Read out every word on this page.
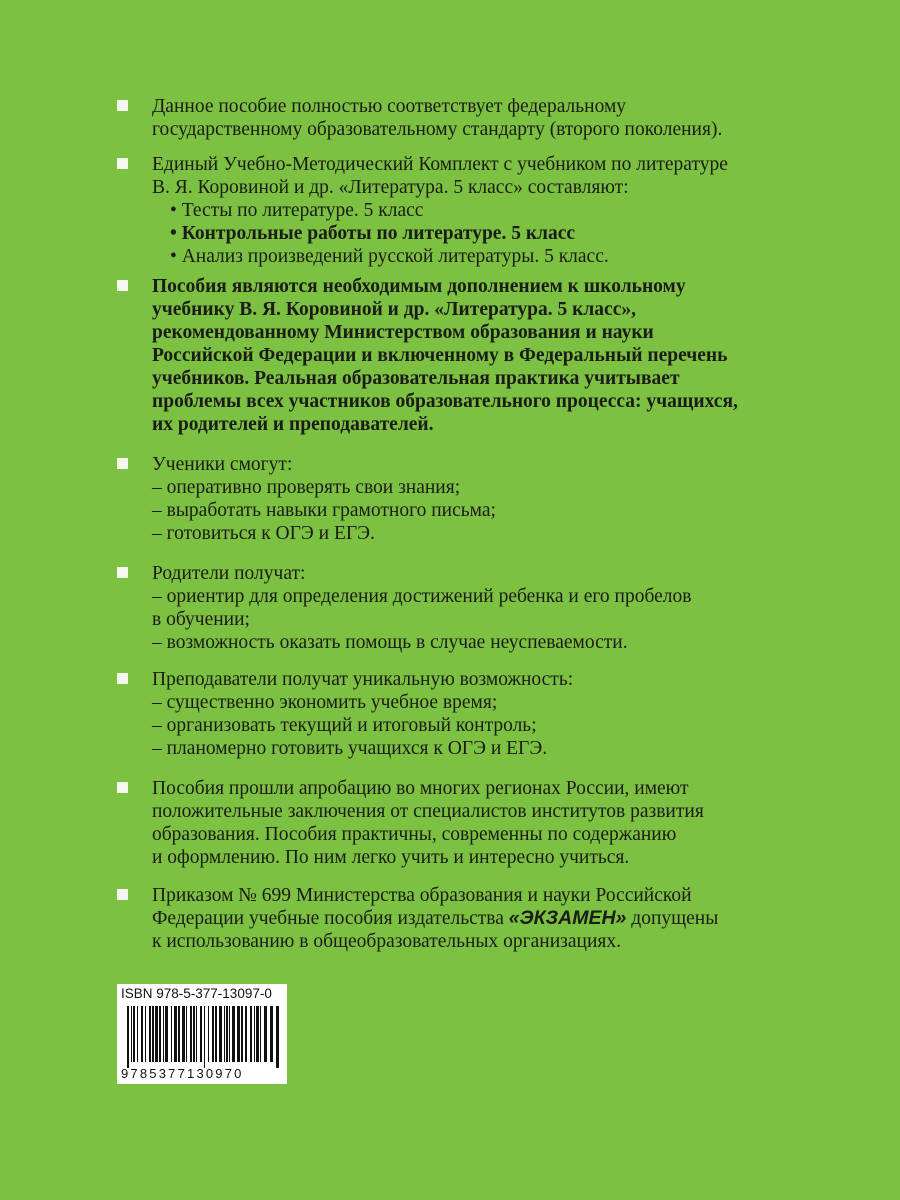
Данное пособие полностью соответствует федеральному
государственному образовательному стандарту (второго поколения).
Единый Учебно-Методический Комплект с учебником по литературе
В. Я. Коровиной и др. «Литература. 5 класс» составляют:
• Тесты по литературе. 5 класс
• Контрольные работы по литературе. 5 класс
• Анализ произведений русской литературы. 5 класс.
Пособия являются необходимым дополнением к школьному
учебнику В. Я. Коровиной и др. «Литература. 5 класс»,
рекомендованному Министерством образования и науки
Российской Федерации и включенному в Федеральный перечень
учебников. Реальная образовательная практика учитывает
проблемы всех участников образовательного процесса: учащихся,
их родителей и преподавателей.
Ученики смогут:
– оперативно проверять свои знания;
– выработать навыки грамотного письма;
– готовиться к ОГЭ и ЕГЭ.
Родители получат:
– ориентир для определения достижений ребенка и его пробелов
в обучении;
– возможность оказать помощь в случае неуспеваемости.
Преподаватели получат уникальную возможность:
– существенно экономить учебное время;
– организовать текущий и итоговый контроль;
– планомерно готовить учащихся к ОГЭ и ЕГЭ.
Пособия прошли апробацию во многих регионах России, имеют
положительные заключения от специалистов институтов развития
образования. Пособия практичны, современны по содержанию
и оформлению. По ним легко учить и интересно учиться.
Приказом № 699 Министерства образования и науки Российской
Федерации учебные пособия издательства «ЭКЗАМЕН» допущены
к использованию в общеобразовательных организациях.
ISBN 978-5-377-13097-0
9785377130970
